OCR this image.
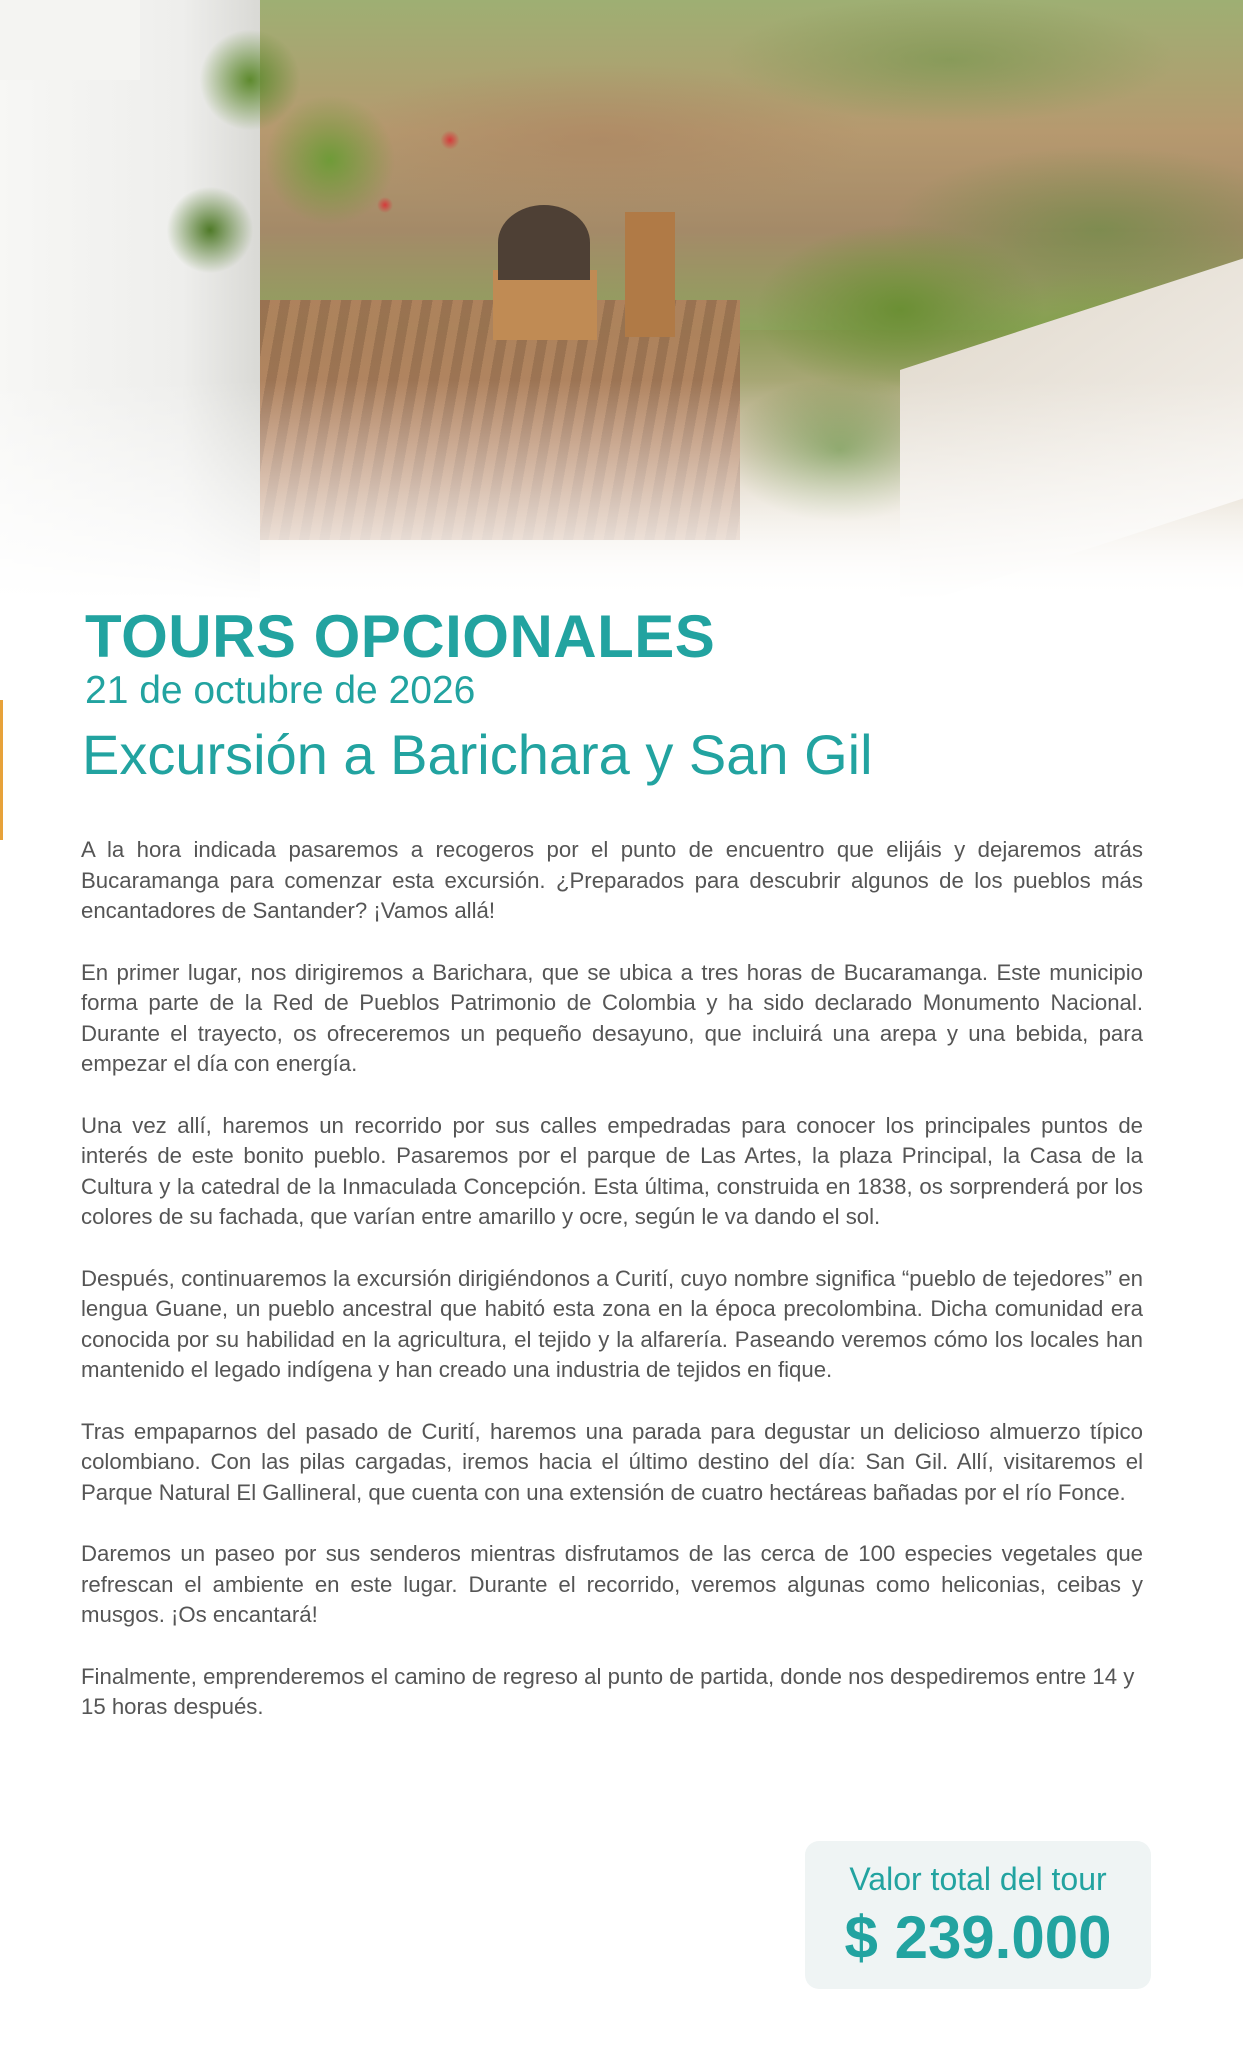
TOURS OPCIONALES
21 de octubre de 2026
Excursión a Barichara y San Gil

A la hora indicada pasaremos a recogeros por el punto de encuentro que elijáis y dejaremos atrás Bucaramanga para comenzar esta excursión. ¿Preparados para descubrir algunos de los pueblos más encantadores de Santander? ¡Vamos allá!

En primer lugar, nos dirigiremos a Barichara, que se ubica a tres horas de Bucaramanga. Este municipio forma parte de la Red de Pueblos Patrimonio de Colombia y ha sido declarado Monumento Nacional. Durante el trayecto, os ofreceremos un pequeño desayuno, que incluirá una arepa y una bebida, para empezar el día con energía.

Una vez allí, haremos un recorrido por sus calles empedradas para conocer los principales puntos de interés de este bonito pueblo. Pasaremos por el parque de Las Artes, la plaza Principal, la Casa de la Cultura y la catedral de la Inmaculada Concepción. Esta última, construida en 1838, os sorprenderá por los colores de su fachada, que varían entre amarillo y ocre, según le va dando el sol.

Después, continuaremos la excursión dirigiéndonos a Curití, cuyo nombre significa “pueblo de tejedores” en lengua Guane, un pueblo ancestral que habitó esta zona en la época precolombina. Dicha comunidad era conocida por su habilidad en la agricultura, el tejido y la alfarería. Paseando veremos cómo los locales han mantenido el legado indígena y han creado una industria de tejidos en fique.

Tras empaparnos del pasado de Curití, haremos una parada para degustar un delicioso almuerzo típico colombiano. Con las pilas cargadas, iremos hacia el último destino del día: San Gil. Allí, visitaremos el Parque Natural El Gallineral, que cuenta con una extensión de cuatro hectáreas bañadas por el río Fonce.

Daremos un paseo por sus senderos mientras disfrutamos de las cerca de 100 especies vegetales que refrescan el ambiente en este lugar. Durante el recorrido, veremos algunas como heliconias, ceibas y musgos. ¡Os encantará!

Finalmente, emprenderemos el camino de regreso al punto de partida, donde nos despediremos entre 14 y 15 horas después.

Valor total del tour
$ 239.000
